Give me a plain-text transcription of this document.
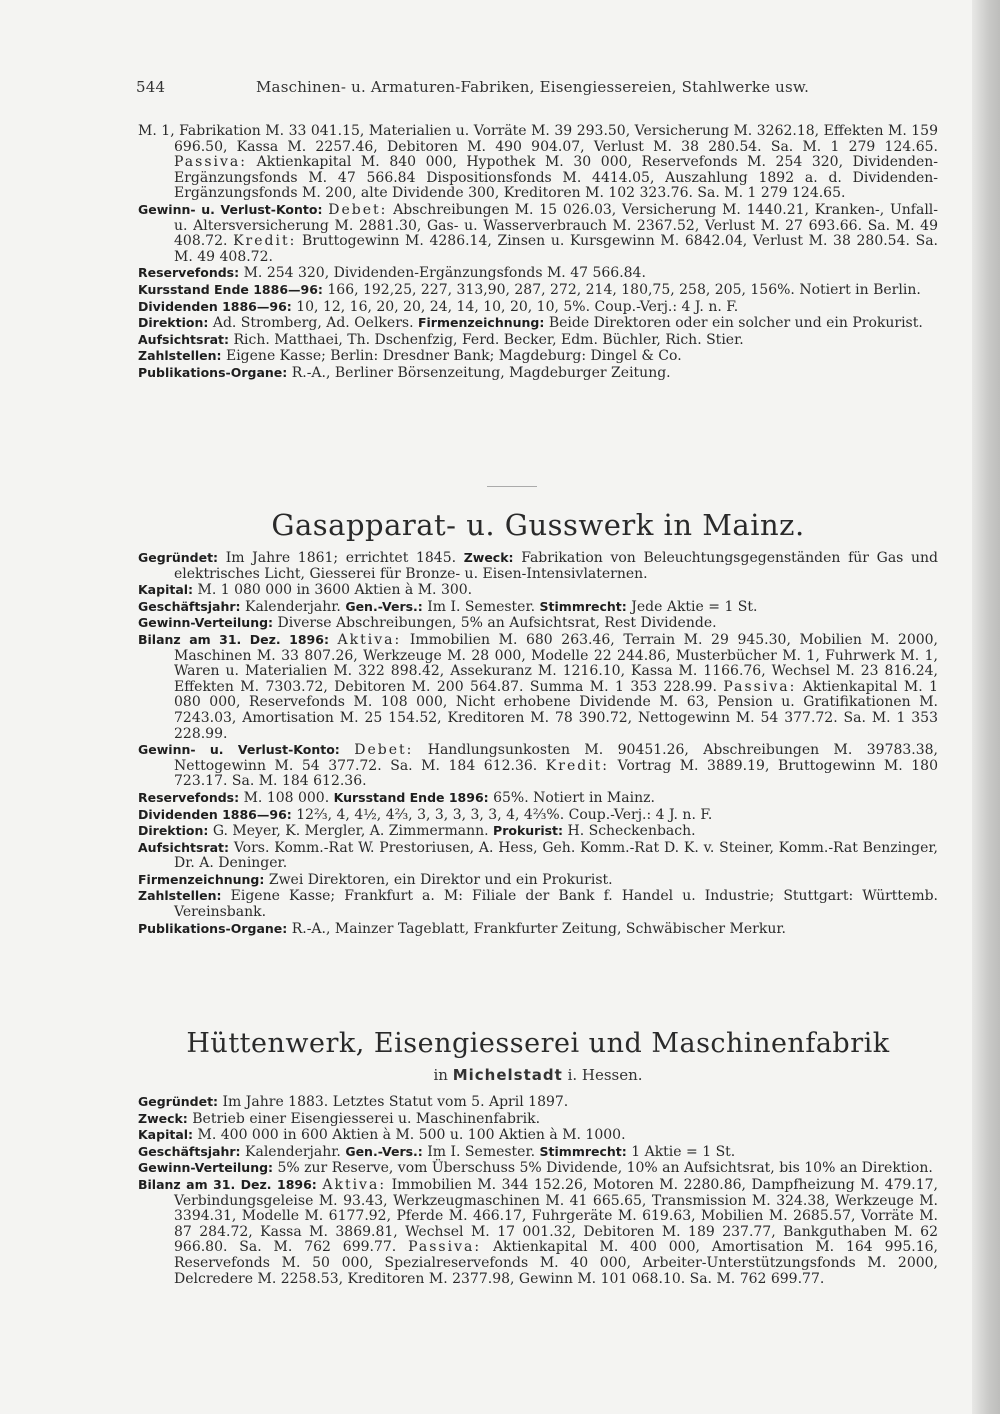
544	Maschinen- u. Armaturen-Fabriken, Eisengiessereien, Stahlwerke usw.

M. 1, Fabrikation M. 33 041.15, Materialien u. Vorräte M. 39 293.50, Versicherung M. 3262.18, Effekten M. 159 696.50, Kassa M. 2257.46, Debitoren M. 490 904.07, Verlust M. 38 280.54. Sa. M. 1 279 124.65. Passiva: Aktienkapital M. 840 000, Hypothek M. 30 000, Reservefonds M. 254 320, Dividenden-Ergänzungsfonds M. 47 566.84 Dispositionsfonds M. 4414.05, Auszahlung 1892 a. d. Dividenden-Ergänzungsfonds M. 200, alte Dividende 300, Kreditoren M. 102 323.76. Sa. M. 1 279 124.65.

Gewinn- u. Verlust-Konto: Debet: Abschreibungen M. 15 026.03, Versicherung M. 1440.21, Kranken-, Unfall- u. Altersversicherung M. 2881.30, Gas- u. Wasserverbrauch M. 2367.52, Verlust M. 27 693.66. Sa. M. 49 408.72. Kredit: Bruttogewinn M. 4286.14, Zinsen u. Kursgewinn M. 6842.04, Verlust M. 38 280.54. Sa. M. 49 408.72.

Reservefonds: M. 254 320, Dividenden-Ergänzungsfonds M. 47 566.84.

Kursstand Ende 1886—96: 166, 192,25, 227, 313,90, 287, 272, 214, 180,75, 258, 205, 156%. Notiert in Berlin.

Dividenden 1886—96: 10, 12, 16, 20, 20, 24, 14, 10, 20, 10, 5%. Coup.-Verj.: 4 J. n. F.

Direktion: Ad. Stromberg, Ad. Oelkers. Firmenzeichnung: Beide Direktoren oder ein solcher und ein Prokurist.

Aufsichtsrat: Rich. Matthaei, Th. Dschenfzig, Ferd. Becker, Edm. Büchler, Rich. Stier.

Zahlstellen: Eigene Kasse; Berlin: Dresdner Bank; Magdeburg: Dingel & Co.

Publikations-Organe: R.-A., Berliner Börsenzeitung, Magdeburger Zeitung.

Gasapparat- u. Gusswerk in Mainz.

Gegründet: Im Jahre 1861; errichtet 1845. Zweck: Fabrikation von Beleuchtungsgegenständen für Gas und elektrisches Licht, Giesserei für Bronze- u. Eisen-Intensivlaternen.

Kapital: M. 1 080 000 in 3600 Aktien à M. 300.

Geschäftsjahr: Kalenderjahr. Gen.-Vers.: Im I. Semester. Stimmrecht: Jede Aktie = 1 St.

Gewinn-Verteilung: Diverse Abschreibungen, 5% an Aufsichtsrat, Rest Dividende.

Bilanz am 31. Dez. 1896: Aktiva: Immobilien M. 680 263.46, Terrain M. 29 945.30, Mobilien M. 2000, Maschinen M. 33 807.26, Werkzeuge M. 28 000, Modelle 22 244.86, Musterbücher M. 1, Fuhrwerk M. 1, Waren u. Materialien M. 322 898.42, Assekuranz M. 1216.10, Kassa M. 1166.76, Wechsel M. 23 816.24, Effekten M. 7303.72, Debitoren M. 200 564.87. Summa M. 1 353 228.99. Passiva: Aktienkapital M. 1 080 000, Reservefonds M. 108 000, Nicht erhobene Dividende M. 63, Pension u. Gratifikationen M. 7243.03, Amortisation M. 25 154.52, Kreditoren M. 78 390.72, Nettogewinn M. 54 377.72. Sa. M. 1 353 228.99.

Gewinn- u. Verlust-Konto: Debet: Handlungsunkosten M. 90451.26, Abschreibungen M. 39783.38, Nettogewinn M. 54 377.72. Sa. M. 184 612.36. Kredit: Vortrag M. 3889.19, Bruttogewinn M. 180 723.17. Sa. M. 184 612.36.

Reservefonds: M. 108 000. Kursstand Ende 1896: 65%. Notiert in Mainz.

Dividenden 1886—96: 12⅔, 4, 4½, 4⅔, 3, 3, 3, 3, 3, 4, 4⅔%. Coup.-Verj.: 4 J. n. F.

Direktion: G. Meyer, K. Mergler, A. Zimmermann. Prokurist: H. Scheckenbach.

Aufsichtsrat: Vors. Komm.-Rat W. Prestoriusen, A. Hess, Geh. Komm.-Rat D. K. v. Steiner, Komm.-Rat Benzinger, Dr. A. Deninger.

Firmenzeichnung: Zwei Direktoren, ein Direktor und ein Prokurist.

Zahlstellen: Eigene Kasse; Frankfurt a. M: Filiale der Bank f. Handel u. Industrie; Stuttgart: Württemb. Vereinsbank.

Publikations-Organe: R.-A., Mainzer Tageblatt, Frankfurter Zeitung, Schwäbischer Merkur.

Hüttenwerk, Eisengiesserei und Maschinenfabrik
in Michelstadt i. Hessen.

Gegründet: Im Jahre 1883. Letztes Statut vom 5. April 1897.

Zweck: Betrieb einer Eisengiesserei u. Maschinenfabrik.

Kapital: M. 400 000 in 600 Aktien à M. 500 u. 100 Aktien à M. 1000.

Geschäftsjahr: Kalenderjahr. Gen.-Vers.: Im I. Semester. Stimmrecht: 1 Aktie = 1 St.

Gewinn-Verteilung: 5% zur Reserve, vom Überschuss 5% Dividende, 10% an Aufsichtsrat, bis 10% an Direktion.

Bilanz am 31. Dez. 1896: Aktiva: Immobilien M. 344 152.26, Motoren M. 2280.86, Dampfheizung M. 479.17, Verbindungsgeleise M. 93.43, Werkzeugmaschinen M. 41 665.65, Transmission M. 324.38, Werkzeuge M. 3394.31, Modelle M. 6177.92, Pferde M. 466.17, Fuhrgeräte M. 619.63, Mobilien M. 2685.57, Vorräte M. 87 284.72, Kassa M. 3869.81, Wechsel M. 17 001.32, Debitoren M. 189 237.77, Bankguthaben M. 62 966.80. Sa. M. 762 699.77. Passiva: Aktienkapital M. 400 000, Amortisation M. 164 995.16, Reservefonds M. 50 000, Spezialreservefonds M. 40 000, Arbeiter-Unterstützungsfonds M. 2000, Delcredere M. 2258.53, Kreditoren M. 2377.98, Gewinn M. 101 068.10. Sa. M. 762 699.77.
